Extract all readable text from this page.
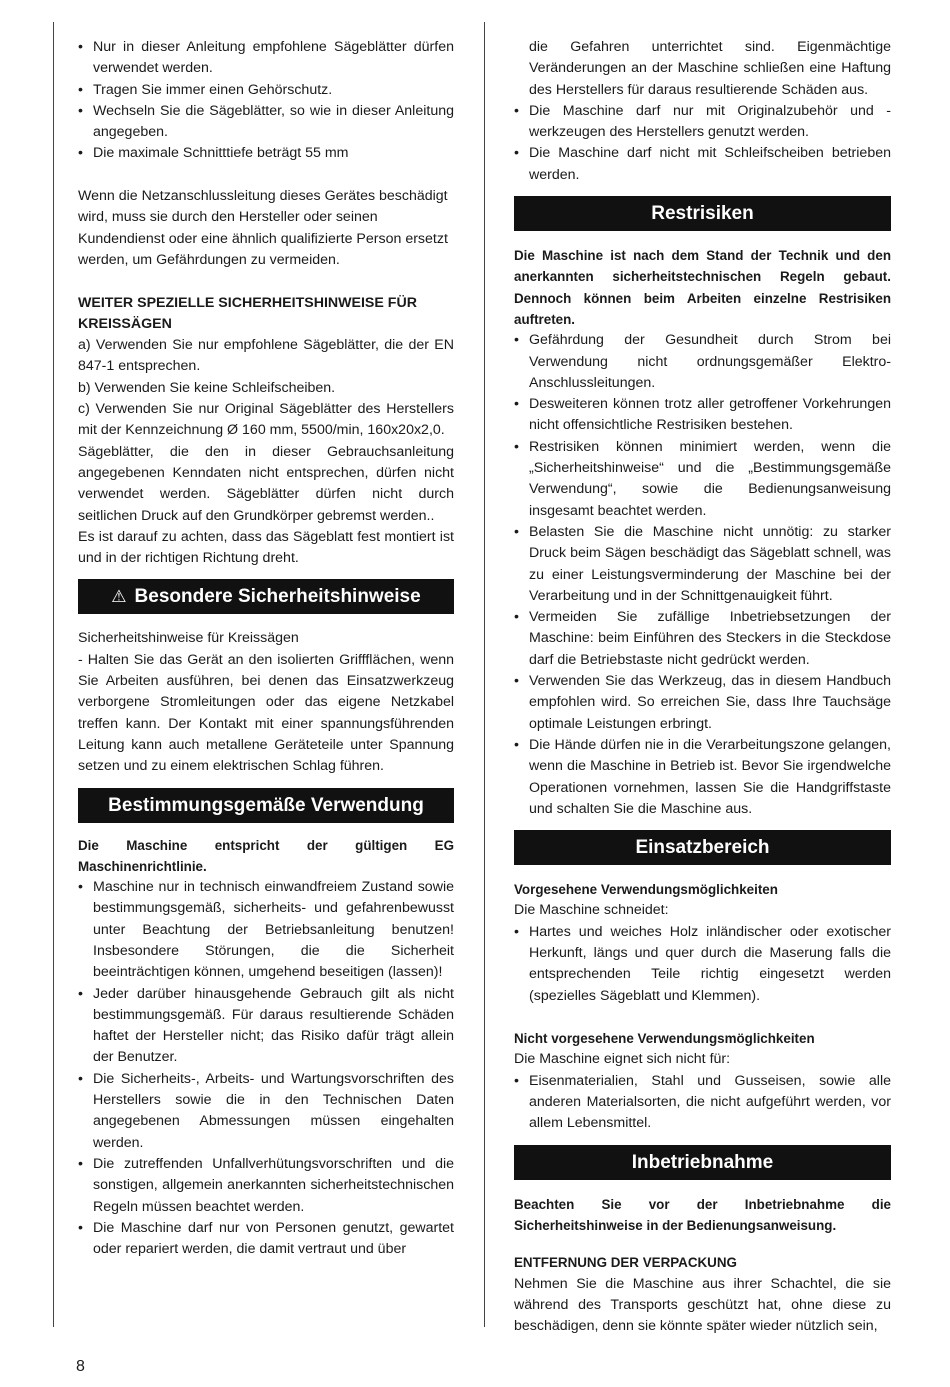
• Nur in dieser Anleitung empfohlene Sägeblätter dürfen verwendet werden.
• Tragen Sie immer einen Gehörschutz.
• Wechseln Sie die Sägeblätter, so wie in dieser Anleitung angegeben.
• Die maximale Schnitttiefe beträgt 55 mm

Wenn die Netzanschlussleitung dieses Gerätes beschädigt wird, muss sie durch den Hersteller oder seinen Kundendienst oder eine ähnlich qualifizierte Person ersetzt werden, um Gefährdungen zu vermeiden.

WEITER SPEZIELLE SICHERHEITSHINWEISE FÜR KREISSÄGEN

a) Verwenden Sie nur empfohlene Sägeblätter, die der EN 847-1 entsprechen.

b) Verwenden Sie keine Schleifscheiben.

c) Verwenden Sie nur Original Sägeblätter des Herstellers mit der Kennzeichnung Ø 160 mm, 5500/min, 160x20x2,0.

Sägeblätter, die den in dieser Gebrauchsanleitung angegebenen Kenndaten nicht entsprechen, dürfen nicht verwendet werden. Sägeblätter dürfen nicht durch seitlichen Druck auf den Grundkörper gebremst werden..

Es ist darauf zu achten, dass das Sägeblatt fest montiert ist und in der richtigen Richtung dreht.

⚠ Besondere Sicherheitshinweise

Sicherheitshinweise für Kreissägen

- Halten Sie das Gerät an den isolierten Griffflächen, wenn Sie Arbeiten ausführen, bei denen das Einsatzwerkzeug verborgene Stromleitungen oder das eigene Netzkabel treffen kann. Der Kontakt mit einer spannungsführenden Leitung kann auch metallene Geräteteile unter Spannung setzen und zu einem elektrischen Schlag führen.

Bestimmungsgemäße Verwendung

Die Maschine entspricht der gültigen EG Maschinenrichtlinie.

• Maschine nur in technisch einwandfreiem Zustand sowie bestimmungsgemäß, sicherheits- und gefahrenbewusst unter Beachtung der Betriebsanleitung benutzen! Insbesondere Störungen, die die Sicherheit beeinträchtigen können, umgehend beseitigen (lassen)!
• Jeder darüber hinausgehende Gebrauch gilt als nicht bestimmungsgemäß. Für daraus resultierende Schäden haftet der Hersteller nicht; das Risiko dafür trägt allein der Benutzer.
• Die Sicherheits-, Arbeits- und Wartungsvorschriften des Herstellers sowie die in den Technischen Daten angegebenen Abmessungen müssen eingehalten werden.
• Die zutreffenden Unfallverhütungsvorschriften und die sonstigen, allgemein anerkannten sicherheitstechnischen Regeln müssen beachtet werden.
• Die Maschine darf nur von Personen genutzt, gewartet oder repariert werden, die damit vertraut und über

die Gefahren unterrichtet sind. Eigenmächtige Veränderungen an der Maschine schließen eine Haftung des Herstellers für daraus resultierende Schäden aus.

• Die Maschine darf nur mit Originalzubehör und -werkzeugen des Herstellers genutzt werden.
• Die Maschine darf nicht mit Schleifscheiben betrieben werden.
Restrisiken

Die Maschine ist nach dem Stand der Technik und den anerkannten sicherheitstechnischen Regeln gebaut. Dennoch können beim Arbeiten einzelne Restrisiken auftreten.

• Gefährdung der Gesundheit durch Strom bei Verwendung nicht ordnungsgemäßer Elektro-Anschlussleitungen.
• Desweiteren können trotz aller getroffener Vorkehrungen nicht offensichtliche Restrisiken bestehen.
• Restrisiken können minimiert werden, wenn die „Sicherheitshinweise“ und die „Bestimmungsgemäße Verwendung“, sowie die Bedienungsanweisung insgesamt beachtet werden.
• Belasten Sie die Maschine nicht unnötig: zu starker Druck beim Sägen beschädigt das Sägeblatt schnell, was zu einer Leistungsverminderung der Maschine bei der Verarbeitung und in der Schnittgenauigkeit führt.
• Vermeiden Sie zufällige Inbetriebsetzungen der Maschine: beim Einführen des Steckers in die Steckdose darf die Betriebstaste nicht gedrückt werden.
• Verwenden Sie das Werkzeug, das in diesem Handbuch empfohlen wird. So erreichen Sie, dass Ihre Tauchsäge optimale Leistungen erbringt.
• Die Hände dürfen nie in die Verarbeitungszone gelangen, wenn die Maschine in Betrieb ist. Bevor Sie irgendwelche Operationen vornehmen, lassen Sie die Handgriffstaste und schalten Sie die Maschine aus.
Einsatzbereich

Vorgesehene Verwendungsmöglichkeiten

Die Maschine schneidet:

• Hartes und weiches Holz inländischer oder exotischer Herkunft, längs und quer durch die Maserung falls die entsprechenden Teile richtig eingesetzt werden (spezielles Sägeblatt und Klemmen).

Nicht vorgesehene Verwendungsmöglichkeiten

Die Maschine eignet sich nicht für:

• Eisenmaterialien, Stahl und Gusseisen, sowie alle anderen Materialsorten, die nicht aufgeführt werden, vor allem Lebensmittel.
Inbetriebnahme

Beachten Sie vor der Inbetriebnahme die Sicherheitshinweise in der Bedienungsanweisung.

ENTFERNUNG DER VERPACKUNG

Nehmen Sie die Maschine aus ihrer Schachtel, die sie während des Transports geschützt hat, ohne diese zu beschädigen, denn sie könnte später wieder nützlich sein,

8
